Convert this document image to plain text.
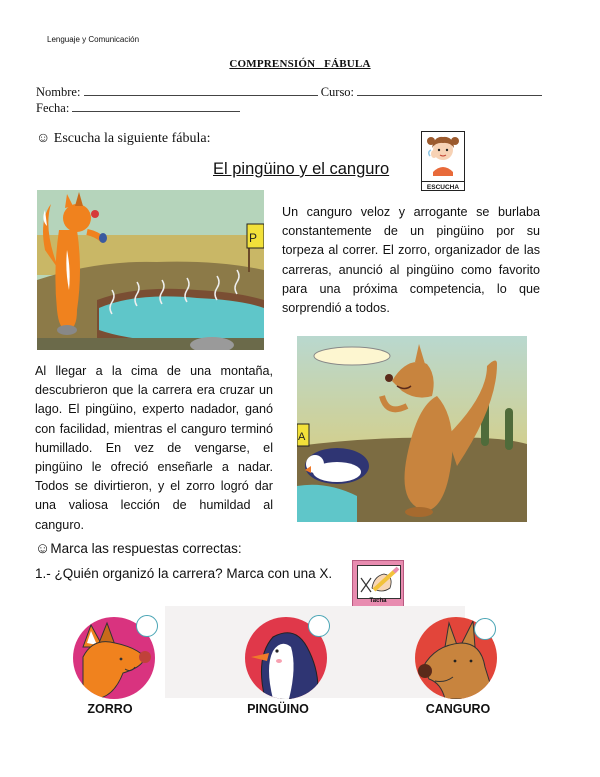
Lenguaje y Comunicación
COMPRENSIÓN   FÁBULA
Nombre:	Curso:
Fecha:
☺ Escucha la siguiente fábula:
ESCUCHA
El pingüino y el canguro
P
Un canguro veloz y arrogante se burlaba constantemente de un pingüino por su torpeza al correr. El zorro, organizador de las carreras, anunció al pingüino como favorito para una próxima competencia, lo que sorprendió a todos.
A
Al llegar a la cima de una montaña, descubrieron que la carrera era cruzar un lago. El pingüino, experto nadador, ganó con facilidad, mientras el canguro terminó humillado. En vez de vengarse, el pingüino le ofreció enseñarle a nadar. Todos se divirtieron, y el zorro logró dar una valiosa lección de humildad al canguro.
☺Marca las respuestas correctas:
1.- ¿Quién organizó la carrera? Marca con una X.
Tacha
ZORRO	PINGÜINO	CANGURO
